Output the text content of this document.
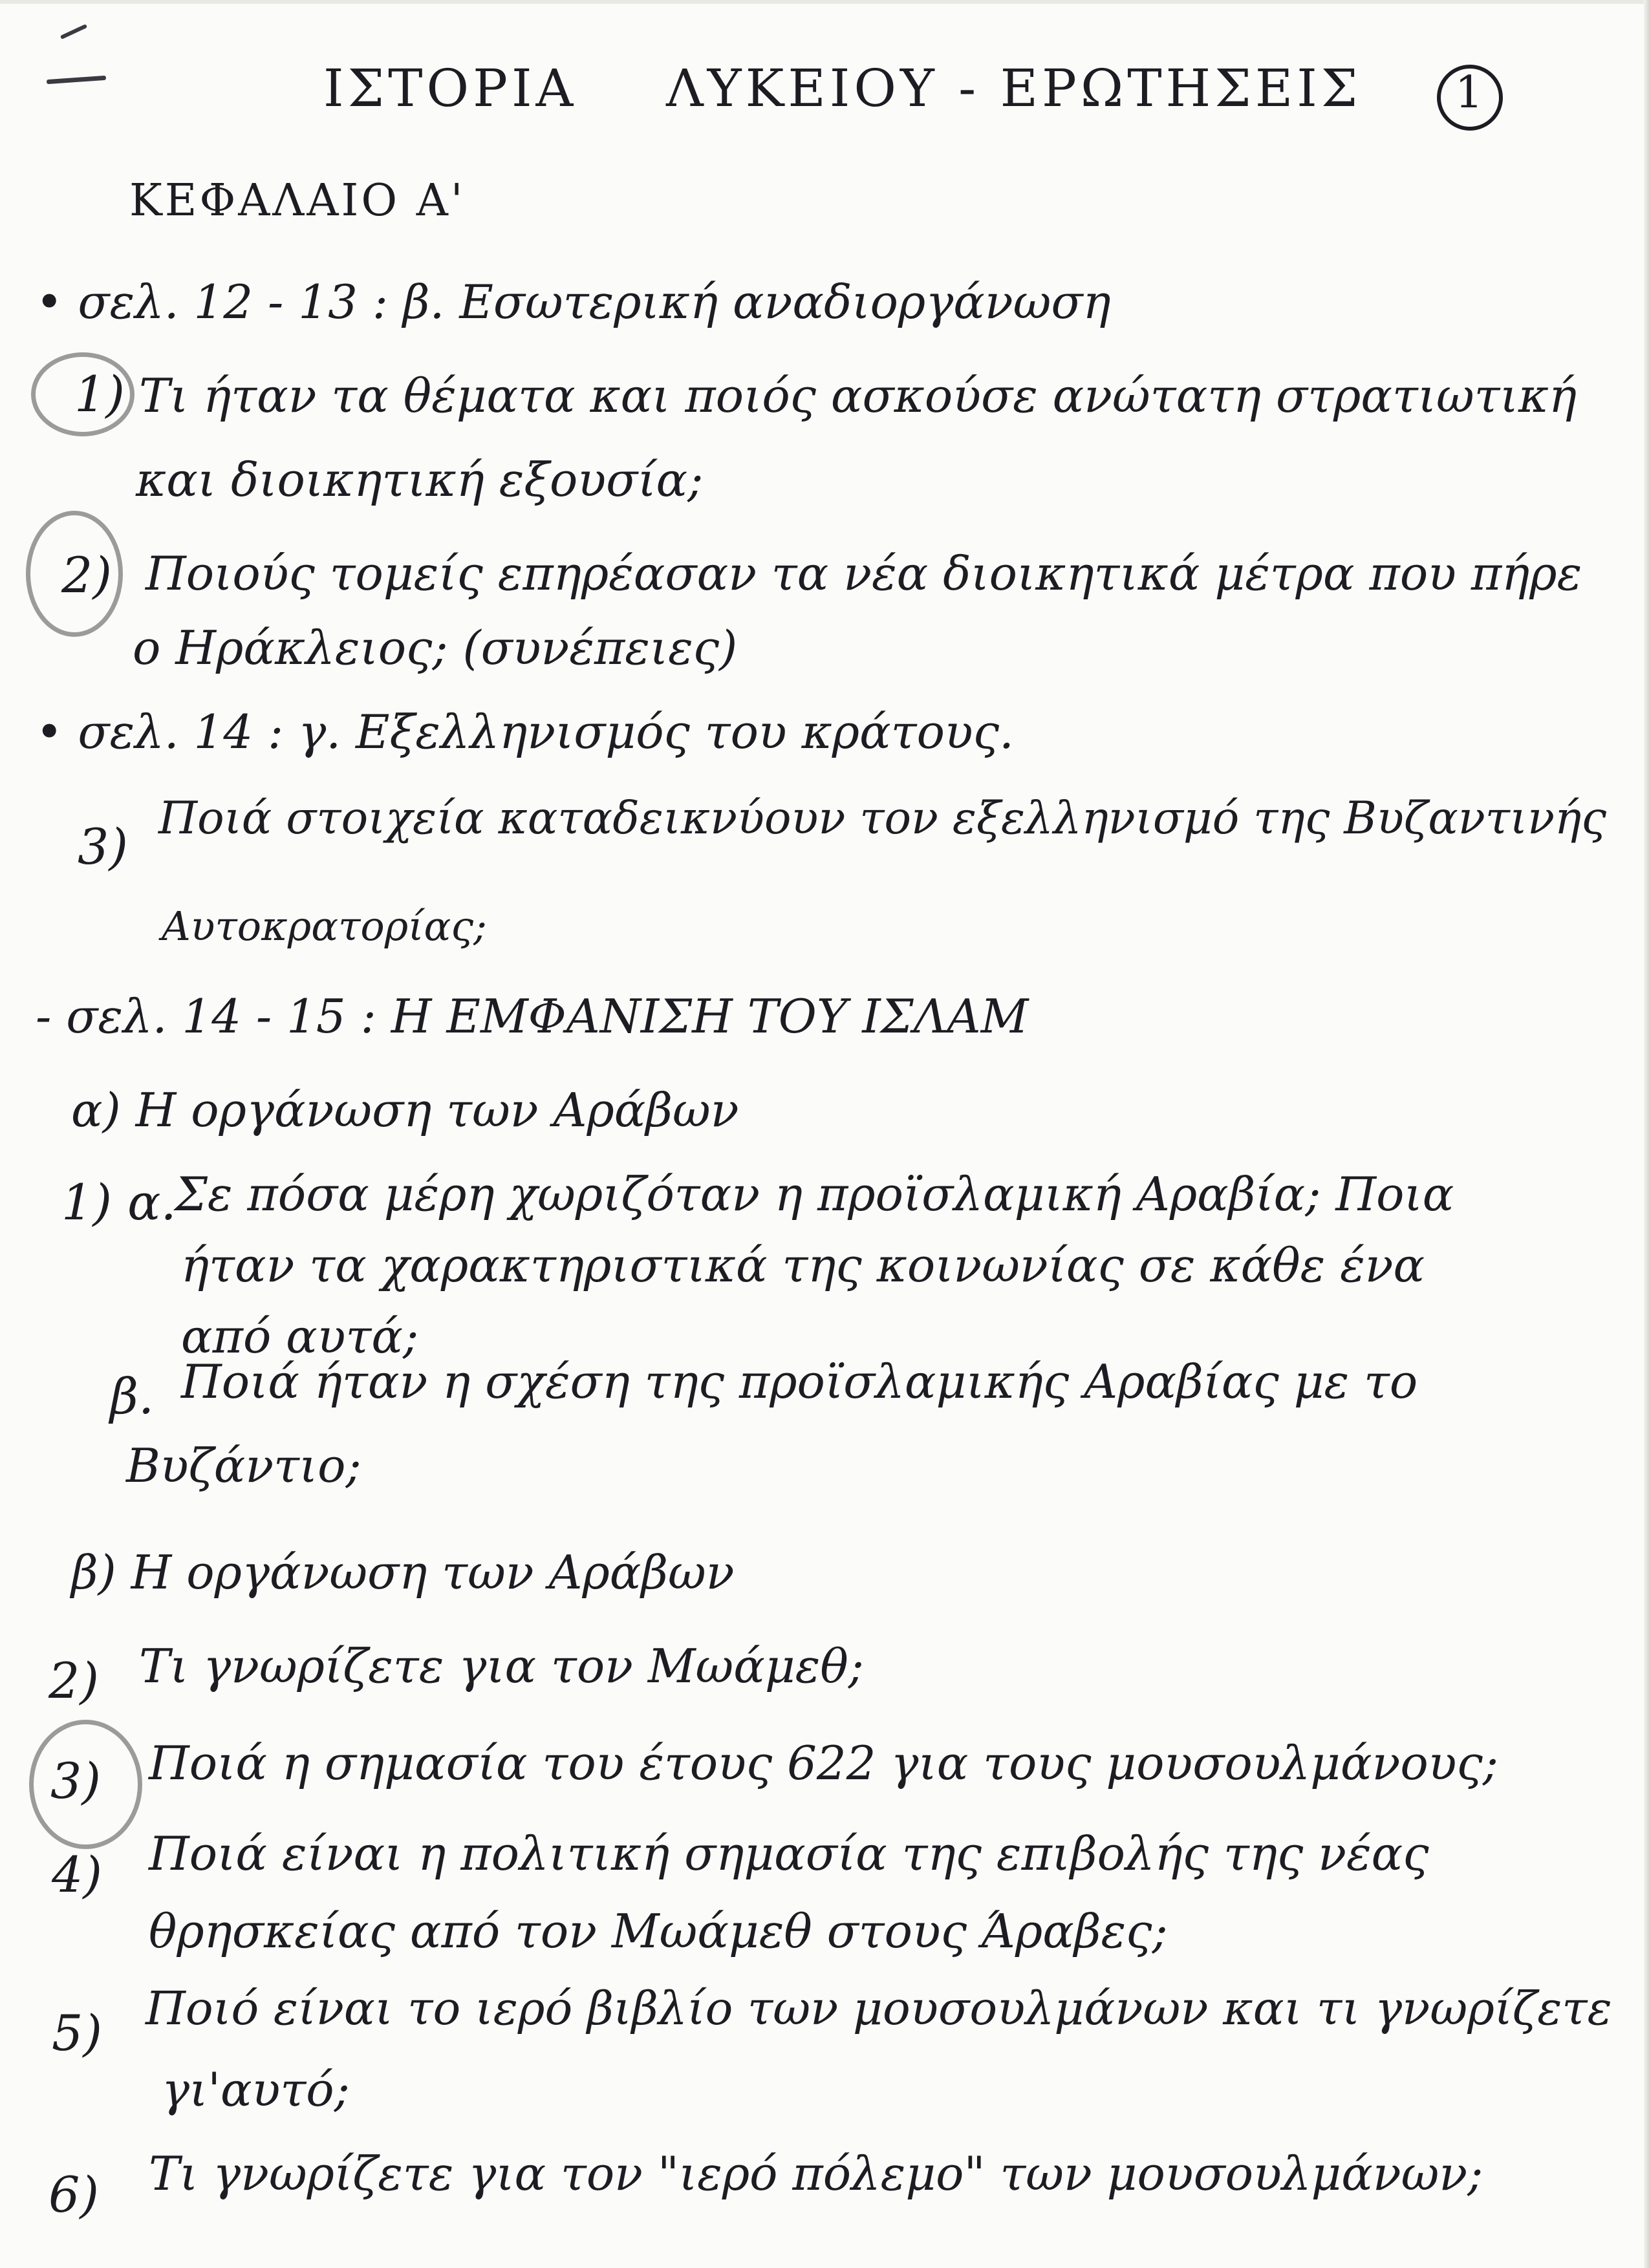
ΙΣΤΟΡΙΑ ΛΥΚΕΙΟΥ - ΕΡΩΤΗΣΕΙΣ 1
ΚΕΦΑΛΑΙΟ Α'
• σελ. 12 - 13 : β. Εσωτερική αναδιοργάνωση
1) Τι ήταν τα θέματα και ποιός ασκούσε ανώτατη στρατιωτική
και διοικητική εξουσία;
2) Ποιούς τομείς επηρέασαν τα νέα διοικητικά μέτρα που πήρε
ο Ηράκλειος; (συνέπειες)
• σελ. 14 : γ. Εξελληνισμός του κράτους.
3) Ποιά στοιχεία καταδεικνύουν τον εξελληνισμό της Βυζαντινής
Αυτοκρατορίας;
- σελ. 14 - 15 : Η ΕΜΦΑΝΙΣΗ ΤΟΥ ΙΣΛΑΜ
α) Η οργάνωση των Αράβων
1) α.
Σε πόσα μέρη χωριζόταν η προϊσλαμική Αραβία; Ποια
ήταν τα χαρακτηριστικά της κοινωνίας σε κάθε ένα
από αυτά;
β. Ποιά ήταν η σχέση της προϊσλαμικής Αραβίας με το
Βυζάντιο;
β) Η οργάνωση των Αράβων
2) Τι γνωρίζετε για τον Μωάμεθ;
3) Ποιά η σημασία του έτους 622 για τους μουσουλμάνους;
4) Ποιά είναι η πολιτική σημασία της επιβολής της νέας
θρησκείας από τον Μωάμεθ στους Άραβες;
5) Ποιό είναι το ιερό βιβλίο των μουσουλμάνων και τι γνωρίζετε
γι'αυτό;
6) Τι γνωρίζετε για τον "ιερό πόλεμο" των μουσουλμάνων;
